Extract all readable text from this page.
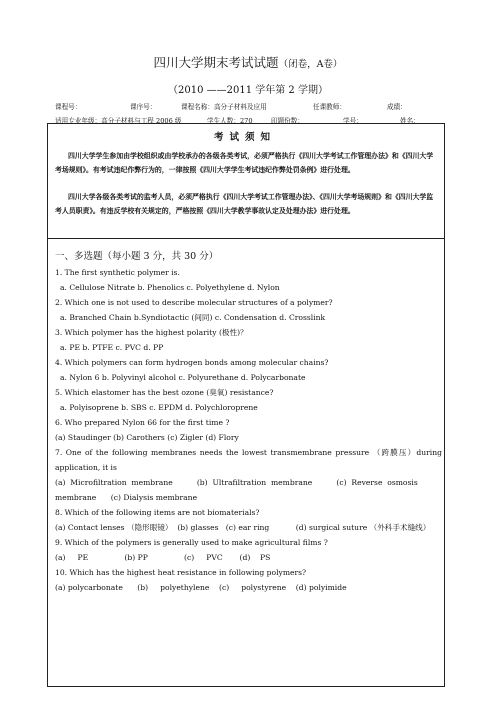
四川大学期末考试试题（闭卷，A卷）
（2010 ——2011 学年第 2 学期）
课程号：	课序号：	课程名称：高分子材料及应用	任课教师：	成绩：
适用专业年级：高分子材料与工程 2006 级	学生人数：270	印题份数：	学号：	姓名：
考试须知

四川大学学生参加由学校组织或由学校承办的各级各类考试，必须严格执行《四川大学考试工作管理办法》和《四川大学考场规则》。有考试违纪作弊行为的，一律按照《四川大学学生考试违纪作弊处罚条例》进行处理。

四川大学各级各类考试的监考人员，必须严格执行《四川大学考试工作管理办法》、《四川大学考场规则》和《四川大学监考人员职责》。有违反学校有关规定的，严格按照《四川大学教学事故认定及处理办法》进行处理。

一、多选题（每小题 3 分，共 30 分）
1. The first synthetic polymer is.
a. Cellulose Nitrate b. Phenolics c. Polyethylene d. Nylon
2. Which one is not used to describe molecular structures of a polymer?
a. Branched Chain b.Syndiotactic (间同) c. Condensation d. Crosslink
3. Which polymer has the highest polarity (极性)？
a. PE b. PTFE c. PVC d. PP
4. Which polymers can form hydrogen bonds among molecular chains?
a. Nylon 6 b. Polyvinyl alcohol c. Polyurethane d. Polycarbonate
5. Which elastomer has the best ozone (臭氧) resistance?
a. Polyisoprene b. SBS c. EPDM d. Polychloroprene
6. Who prepared Nylon 66 for the first time ?
(a) Staudinger (b) Carothers (c) Zigler (d) Flory
7. One of the following membranes needs the lowest transmembrane pressure （跨膜压）during application, it is
(a)  Microfiltration  membrane          (b)  Ultrafiltration  membrane          (c)  Reverse  osmosis membrane      (c) Dialysis membrane
8. Which of the following items are not biomaterials?
(a) Contact lenses （隐形眼镜）  (b) glasses   (c) ear ring           (d) surgical suture （外科手术缝线）
9. Which of the polymers is generally used to make agricultural films ?
(a)     PE               (b) PP               (c)     PVC       (d)    PS
10. Which has the highest heat resistance in following polymers?
(a) polycarbonate      (b)     polyethylene    (c)     polystyrene    (d) polyimide
